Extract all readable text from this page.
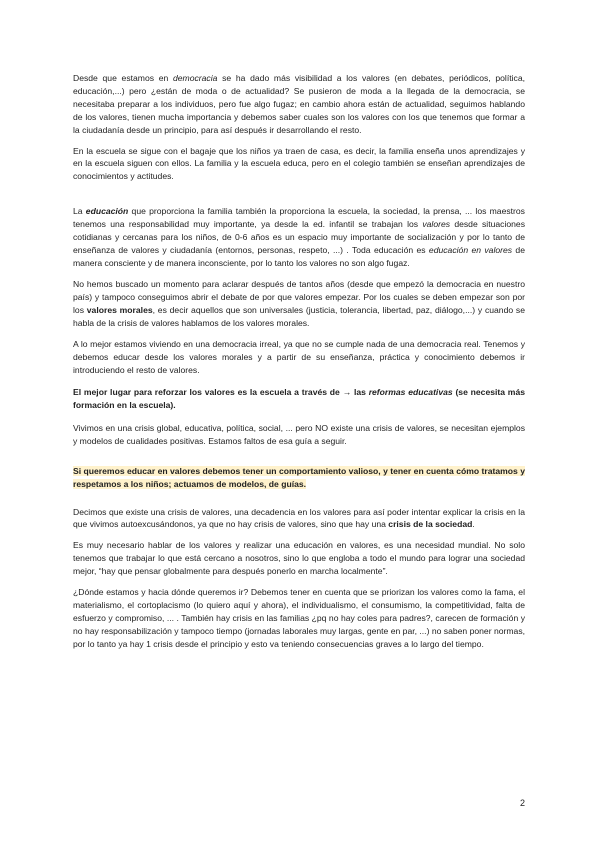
Desde que estamos en democracia se ha dado más visibilidad a los valores (en debates, periódicos, política, educación,...) pero ¿están de moda o de actualidad? Se pusieron de moda a la llegada de la democracia, se necesitaba preparar a los individuos, pero fue algo fugaz; en cambio ahora están de actualidad, seguimos hablando de los valores, tienen mucha importancia y debemos saber cuales son los valores con los que tenemos que formar a la ciudadanía desde un principio, para así después ir desarrollando el resto.

En la escuela se sigue con el bagaje que los niños ya traen de casa, es decir, la familia enseña unos aprendizajes y en la escuela siguen con ellos. La familia y la escuela educa, pero en el colegio también se enseñan aprendizajes de conocimientos y actitudes.

La educación que proporciona la familia también la proporciona la escuela, la sociedad, la prensa, ... los maestros tenemos una responsabilidad muy importante, ya desde la ed. infantil se trabajan los valores desde situaciones cotidianas y cercanas para los niños, de 0-6 años es un espacio muy importante de socialización y por lo tanto de enseñanza de valores y ciudadanía (entornos, personas, respeto, ...) . Toda educación es educación en valores de manera consciente y de manera inconsciente, por lo tanto los valores no son algo fugaz.

No hemos buscado un momento para aclarar después de tantos años (desde que empezó la democracia en nuestro país) y tampoco conseguimos abrir el debate de por que valores empezar. Por los cuales se deben empezar son por los valores morales, es decir aquellos que son universales (justicia, tolerancia, libertad, paz, diálogo,...) y cuando se habla de la crisis de valores hablamos de los valores morales.

A lo mejor estamos viviendo en una democracia irreal, ya que no se cumple nada de una democracia real. Tenemos y debemos educar desde los valores morales y a partir de su enseñanza, práctica y conocimiento debemos ir introduciendo el resto de valores.

El mejor lugar para reforzar los valores es la escuela a través de → las reformas educativas (se necesita más formación en la escuela).

Vivimos en una crisis global, educativa, política, social, ... pero NO existe una crisis de valores, se necesitan ejemplos y modelos de cualidades positivas. Estamos faltos de esa guía a seguir.

Si queremos educar en valores debemos tener un comportamiento valioso, y tener en cuenta cómo tratamos y respetamos a los niños; actuamos de modelos, de guías.

Decimos que existe una crisis de valores, una decadencia en los valores para así poder intentar explicar la crisis en la que vivimos autoexcusándonos, ya que no hay crisis de valores, sino que hay una crisis de la sociedad.

Es muy necesario hablar de los valores y realizar una educación en valores, es una necesidad mundial. No solo tenemos que trabajar lo que está cercano a nosotros, sino lo que engloba a todo el mundo para lograr una sociedad mejor, “hay que pensar globalmente para después ponerlo en marcha localmente”.

¿Dónde estamos y hacia dónde queremos ir? Debemos tener en cuenta que se priorizan los valores como la fama, el materialismo, el cortoplacismo (lo quiero aquí y ahora), el individualismo, el consumismo, la competitividad, falta de esfuerzo y compromiso, ... . También hay crisis en las familias ¿pq no hay coles para padres?, carecen de formación y no hay responsabilización y tampoco tiempo (jornadas laborales muy largas, gente en par, ...) no saben poner normas, por lo tanto ya hay 1 crisis desde el principio y esto va teniendo consecuencias graves a lo largo del tiempo.

2
